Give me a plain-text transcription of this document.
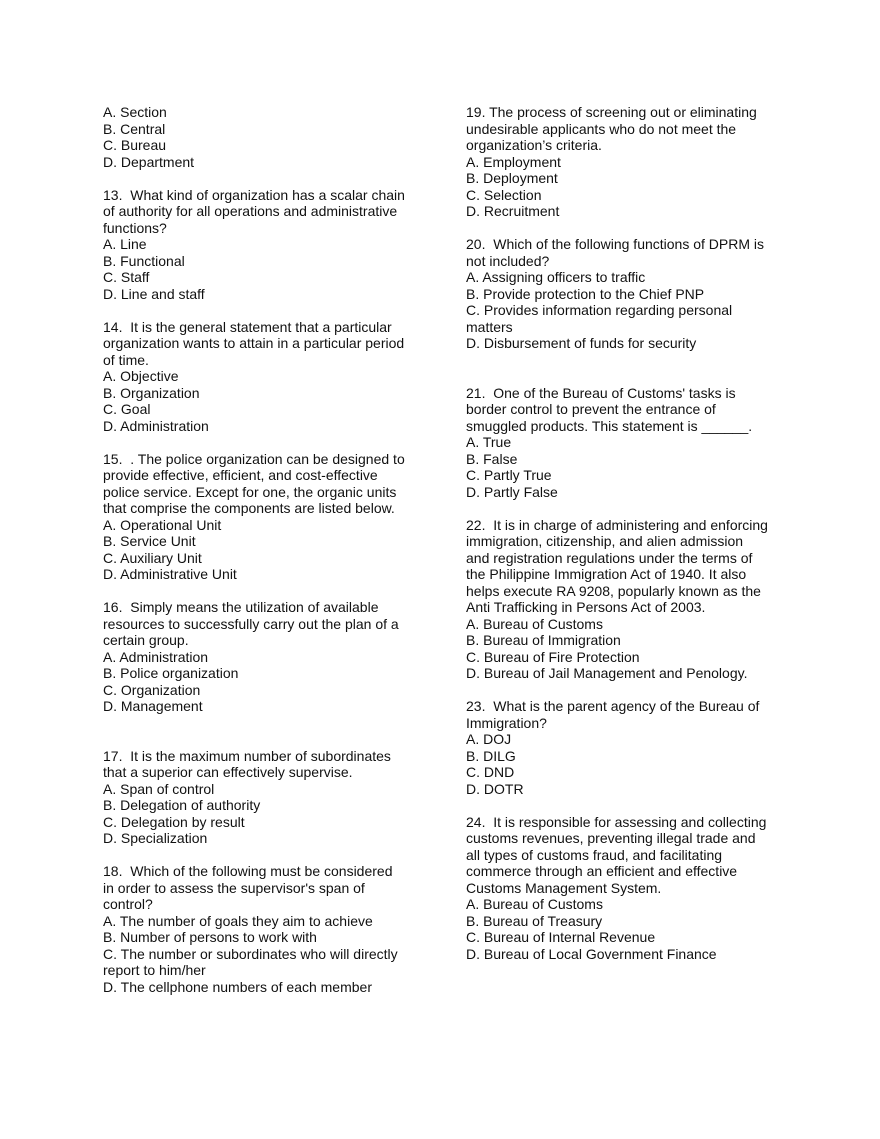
A. Section
B. Central
C. Bureau
D. Department
13.  What kind of organization has a scalar chain
of authority for all operations and administrative
functions?
A. Line
B. Functional
C. Staff
D. Line and staff
14.  It is the general statement that a particular
organization wants to attain in a particular period
of time.
A. Objective
B. Organization
C. Goal
D. Administration
15.  . The police organization can be designed to
provide effective, efficient, and cost-effective
police service. Except for one, the organic units
that comprise the components are listed below.
A. Operational Unit
B. Service Unit
C. Auxiliary Unit
D. Administrative Unit
16.  Simply means the utilization of available
resources to successfully carry out the plan of a
certain group.
A. Administration
B. Police organization
C. Organization
D. Management
17.  It is the maximum number of subordinates
that a superior can effectively supervise.
A. Span of control
B. Delegation of authority
C. Delegation by result
D. Specialization
18.  Which of the following must be considered
in order to assess the supervisor's span of
control?
A. The number of goals they aim to achieve
B. Number of persons to work with
C. The number or subordinates who will directly
report to him/her
D. The cellphone numbers of each member
19. The process of screening out or eliminating
undesirable applicants who do not meet the
organization’s criteria.
A. Employment
B. Deployment
C. Selection
D. Recruitment
20.  Which of the following functions of DPRM is
not included?
A. Assigning officers to traffic
B. Provide protection to the Chief PNP
C. Provides information regarding personal
matters
D. Disbursement of funds for security
21.  One of the Bureau of Customs' tasks is
border control to prevent the entrance of
smuggled products. This statement is ______.
A. True
B. False
C. Partly True
D. Partly False
22.  It is in charge of administering and enforcing
immigration, citizenship, and alien admission
and registration regulations under the terms of
the Philippine Immigration Act of 1940. It also
helps execute RA 9208, popularly known as the
Anti Trafficking in Persons Act of 2003.
A. Bureau of Customs
B. Bureau of Immigration
C. Bureau of Fire Protection
D. Bureau of Jail Management and Penology.
23.  What is the parent agency of the Bureau of
Immigration?
A. DOJ
B. DILG
C. DND
D. DOTR
24.  It is responsible for assessing and collecting
customs revenues, preventing illegal trade and
all types of customs fraud, and facilitating
commerce through an efficient and effective
Customs Management System.
A. Bureau of Customs
B. Bureau of Treasury
C. Bureau of Internal Revenue
D. Bureau of Local Government Finance
